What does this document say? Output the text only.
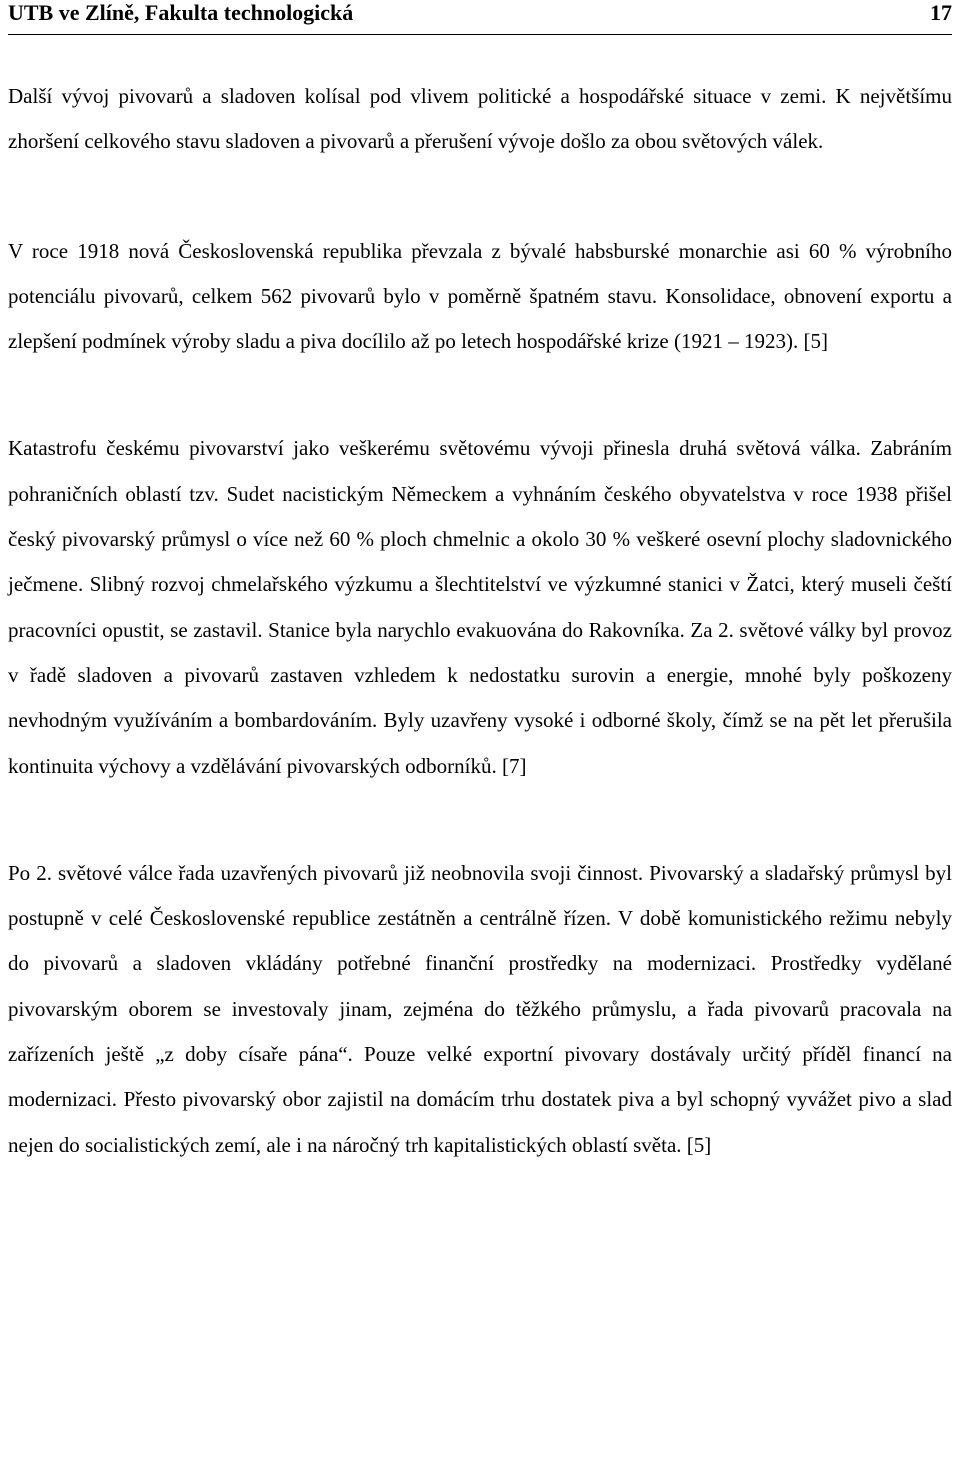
UTB ve Zlíně, Fakulta technologická	17

Další vývoj pivovarů a sladoven kolísal pod vlivem politické a hospodářské situace v zemi. K největšímu zhoršení celkového stavu sladoven a pivovarů a přerušení vývoje došlo za obou světových válek.

V roce 1918 nová Československá republika převzala z bývalé habsburské monarchie asi 60 % výrobního potenciálu pivovarů, celkem 562 pivovarů bylo v poměrně špatném stavu. Konsolidace, obnovení exportu a zlepšení podmínek výroby sladu a piva docílilo až po letech hospodářské krize (1921 – 1923). [5]

Katastrofu českému pivovarství jako veškerému světovému vývoji přinesla druhá světová válka. Zabráním pohraničních oblastí tzv. Sudet nacistickým Německem a vyhnáním českého obyvatelstva v roce 1938 přišel český pivovarský průmysl o více než 60 % ploch chmelnic a okolo 30 % veškeré osevní plochy sladovnického ječmene. Slibný rozvoj chmelařského výzkumu a šlechtitelství ve výzkumné stanici v Žatci, který museli čeští pracovníci opustit, se zastavil. Stanice byla narychlo evakuována do Rakovníka. Za 2. světové války byl provoz v řadě sladoven a pivovarů zastaven vzhledem k nedostatku surovin a energie, mnohé byly poškozeny nevhodným využíváním a bombardováním. Byly uzavřeny vysoké i odborné školy, čímž se na pět let přerušila kontinuita výchovy a vzdělávání pivovarských odborníků. [7]

Po 2. světové válce řada uzavřených pivovarů již neobnovila svoji činnost. Pivovarský a sladařský průmysl byl postupně v celé Československé republice zestátněn a centrálně řízen. V době komunistického režimu nebyly do pivovarů a sladoven vkládány potřebné finanční prostředky na modernizaci. Prostředky vydělané pivovarským oborem se investovaly jinam, zejména do těžkého průmyslu, a řada pivovarů pracovala na zařízeních ještě „z doby císaře pána“. Pouze velké exportní pivovary dostávaly určitý příděl financí na modernizaci. Přesto pivovarský obor zajistil na domácím trhu dostatek piva a byl schopný vyvážet pivo a slad nejen do socialistických zemí, ale i na náročný trh kapitalistických oblastí světa. [5]
